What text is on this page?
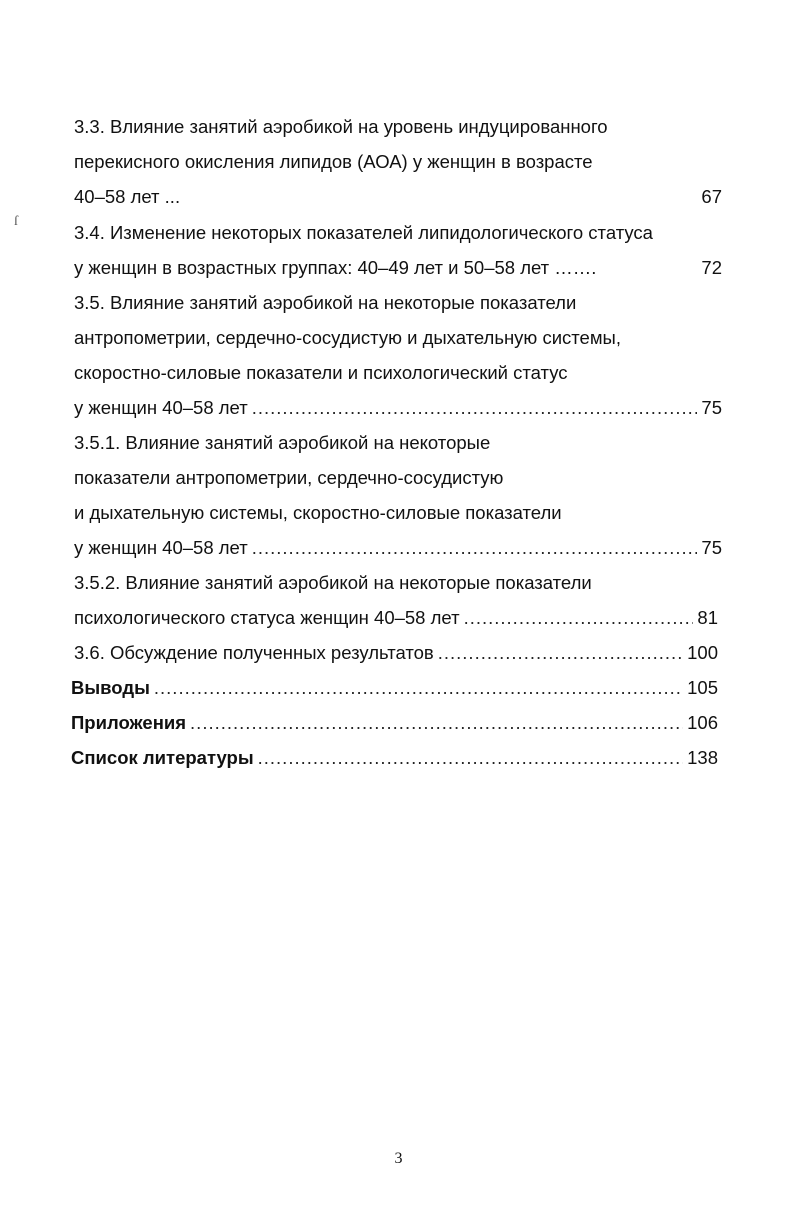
3.3. Влияние занятий аэробикой на уровень индуцированного
перекисного окисления липидов (АОА) у женщин в возрасте
40–58 лет ...	67
3.4. Изменение некоторых показателей липидологического статуса
у женщин в возрастных группах: 40–49 лет и 50–58 лет …….	72
3.5. Влияние занятий аэробикой на некоторые показатели
антропометрии, сердечно-сосудистую и дыхательную системы,
скоростно-силовые показатели и психологический статус
у женщин 40–58 лет .....	75
3.5.1. Влияние занятий аэробикой на некоторые
показатели антропометрии, сердечно-сосудистую
и дыхательную системы, скоростно-силовые показатели
у женщин 40–58 лет .....	75
3.5.2. Влияние занятий аэробикой на некоторые показатели
психологического статуса женщин 40–58 лет .....	81
3.6. Обсуждение полученных результатов .....	100
Выводы .....	105
Приложения .....	106
Список литературы .....	138
3
ſ
